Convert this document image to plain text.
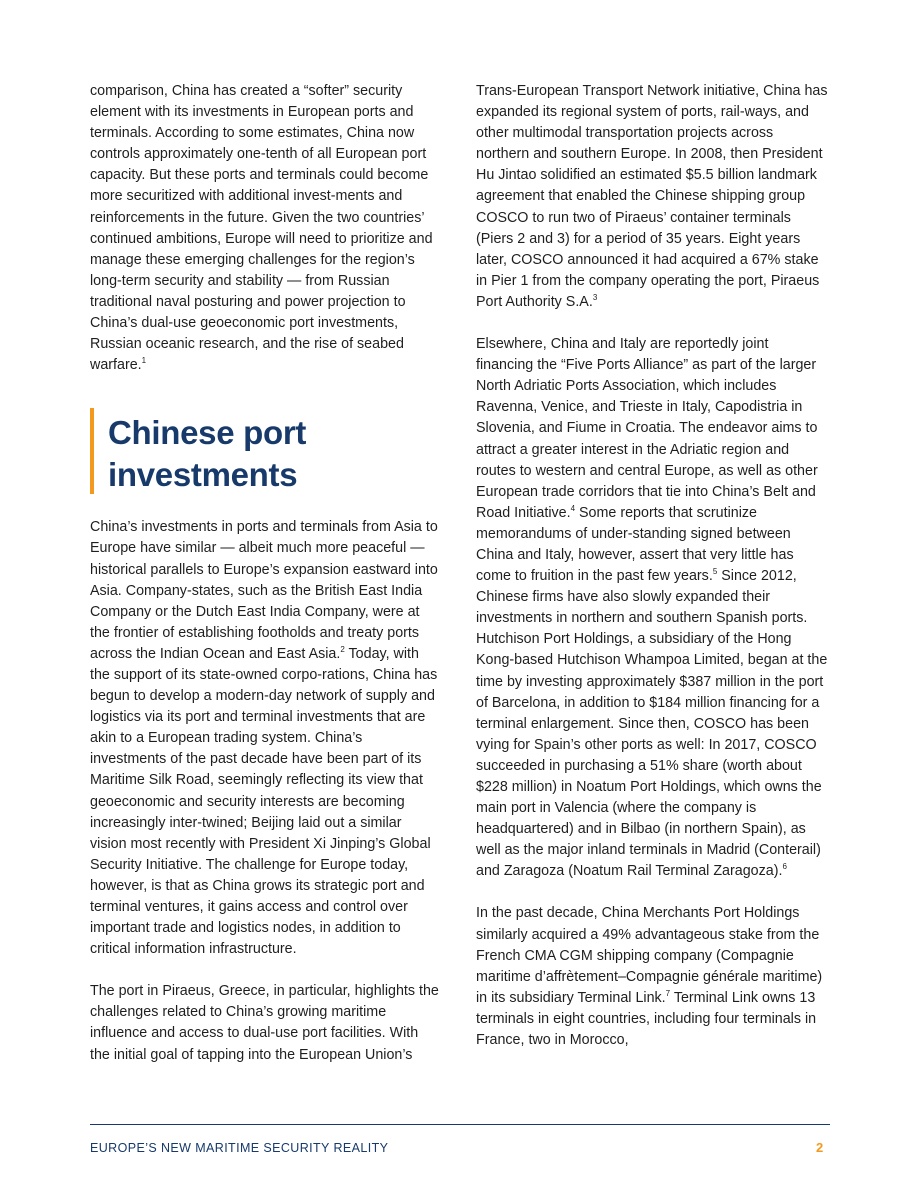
comparison, China has created a “softer” security element with its investments in European ports and terminals. According to some estimates, China now controls approximately one-tenth of all European port capacity. But these ports and terminals could become more securitized with additional invest-ments and reinforcements in the future. Given the two countries’ continued ambitions, Europe will need to prioritize and manage these emerging challenges for the region’s long-term security and stability — from Russian traditional naval posturing and power projection to China’s dual-use geoeconomic port investments, Russian oceanic research, and the rise of seabed warfare.$^1$

Chinese port
investments

China’s investments in ports and terminals from Asia to Europe have similar — albeit much more peaceful — historical parallels to Europe’s expansion eastward into Asia. Company-states, such as the British East India Company or the Dutch East India Company, were at the frontier of establishing footholds and treaty ports across the Indian Ocean and East Asia.$^2$ Today, with the support of its state-owned corpo-rations, China has begun to develop a modern-day network of supply and logistics via its port and terminal investments that are akin to a European trading system. China’s investments of the past decade have been part of its Maritime Silk Road, seemingly reflecting its view that geoeconomic and security interests are becoming increasingly inter-twined; Beijing laid out a similar vision most recently with President Xi Jinping’s Global Security Initiative. The challenge for Europe today, however, is that as China grows its strategic port and terminal ventures, it gains access and control over important trade and logistics nodes, in addition to critical information infrastructure.

The port in Piraeus, Greece, in particular, highlights the challenges related to China’s growing maritime influence and access to dual-use port facilities. With the initial goal of tapping into the European Union’s

Trans-European Transport Network initiative, China has expanded its regional system of ports, rail-ways, and other multimodal transportation projects across northern and southern Europe. In 2008, then President Hu Jintao solidified an estimated $5.5 billion landmark agreement that enabled the Chinese shipping group COSCO to run two of Piraeus’ container terminals (Piers 2 and 3) for a period of 35 years. Eight years later, COSCO announced it had acquired a 67% stake in Pier 1 from the company operating the port, Piraeus Port Authority S.A.$^3$

Elsewhere, China and Italy are reportedly joint financing the “Five Ports Alliance” as part of the larger North Adriatic Ports Association, which includes Ravenna, Venice, and Trieste in Italy, Capodistria in Slovenia, and Fiume in Croatia. The endeavor aims to attract a greater interest in the Adriatic region and routes to western and central Europe, as well as other European trade corridors that tie into China’s Belt and Road Initiative.$^4$ Some reports that scrutinize memorandums of under-standing signed between China and Italy, however, assert that very little has come to fruition in the past few years.$^5$ Since 2012, Chinese firms have also slowly expanded their investments in northern and southern Spanish ports. Hutchison Port Holdings, a subsidiary of the Hong Kong-based Hutchison Whampoa Limited, began at the time by investing approximately $387 million in the port of Barcelona, in addition to $184 million financing for a terminal enlargement. Since then, COSCO has been vying for Spain’s other ports as well: In 2017, COSCO succeeded in purchasing a 51% share (worth about $228 million) in Noatum Port Holdings, which owns the main port in Valencia (where the company is headquartered) and in Bilbao (in northern Spain), as well as the major inland terminals in Madrid (Conterail) and Zaragoza (Noatum Rail Terminal Zaragoza).$^6$

In the past decade, China Merchants Port Holdings similarly acquired a 49% advantageous stake from the French CMA CGM shipping company (Compagnie maritime d’affrètement–Compagnie générale maritime) in its subsidiary Terminal Link.$^7$ Terminal Link owns 13 terminals in eight countries, including four terminals in France, two in Morocco,

EUROPE’S NEW MARITIME SECURITY REALITY	2
